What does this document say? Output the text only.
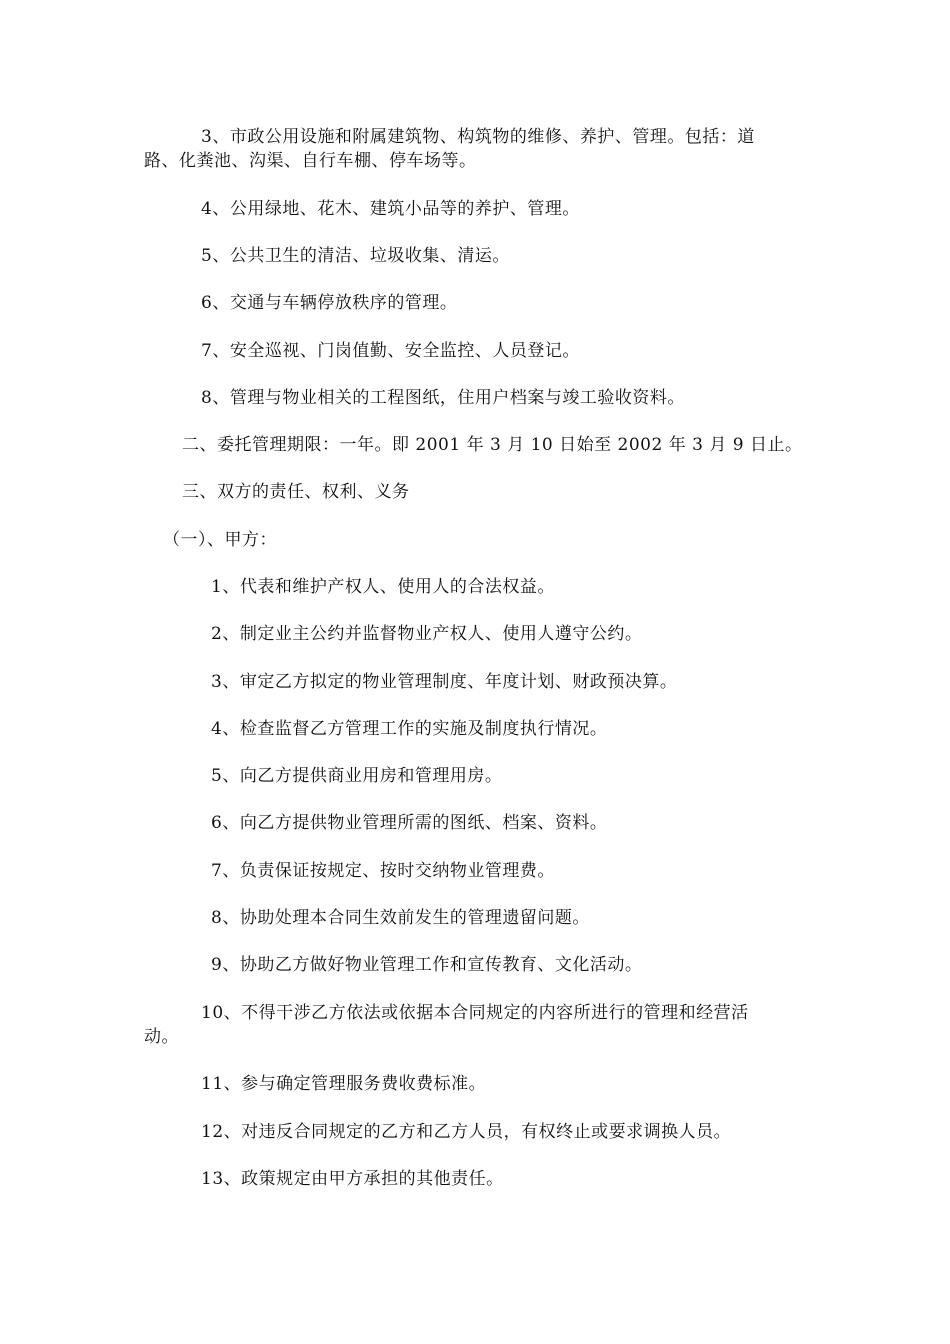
3、市政公用设施和附属建筑物、构筑物的维修、养护、管理。包括：道
路、化粪池、沟渠、自行车棚、停车场等。
4、公用绿地、花木、建筑小品等的养护、管理。
5、公共卫生的清洁、垃圾收集、清运。
6、交通与车辆停放秩序的管理。
7、安全巡视、门岗值勤、安全监控、人员登记。
8、管理与物业相关的工程图纸，住用户档案与竣工验收资料。
二、委托管理期限：一年。即 2001 年 3 月 10 日始至 2002 年 3 月 9 日止。
三、双方的责任、权利、义务
（一）、甲方：
1、代表和维护产权人、使用人的合法权益。
2、制定业主公约并监督物业产权人、使用人遵守公约。
3、审定乙方拟定的物业管理制度、年度计划、财政预决算。
4、检查监督乙方管理工作的实施及制度执行情况。
5、向乙方提供商业用房和管理用房。
6、向乙方提供物业管理所需的图纸、档案、资料。
7、负责保证按规定、按时交纳物业管理费。
8、协助处理本合同生效前发生的管理遗留问题。
9、协助乙方做好物业管理工作和宣传教育、文化活动。
10、不得干涉乙方依法或依据本合同规定的内容所进行的管理和经营活
动。
11、参与确定管理服务费收费标准。
12、对违反合同规定的乙方和乙方人员，有权终止或要求调换人员。
13、政策规定由甲方承担的其他责任。
